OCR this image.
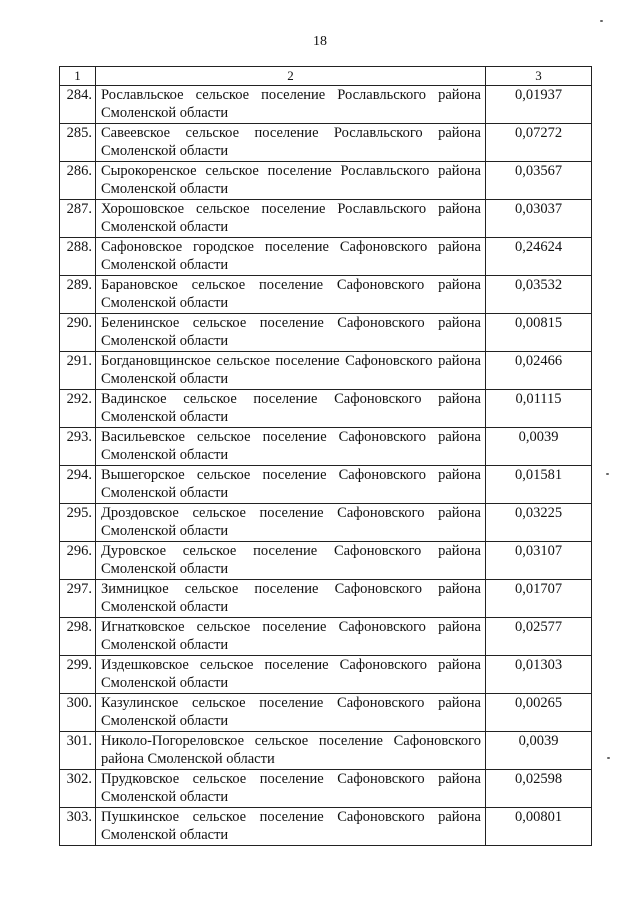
18
1	2	3
284.	Рославльское сельское поселение Рославльского района Смоленской области	0,01937
285.	Савеевское сельское поселение Рославльского района Смоленской области	0,07272
286.	Сырокоренское сельское поселение Рославльского района Смоленской области	0,03567
287.	Хорошовское сельское поселение Рославльского района Смоленской области	0,03037
288.	Сафоновское городское поселение Сафоновского района Смоленской области	0,24624
289.	Барановское сельское поселение Сафоновского района Смоленской области	0,03532
290.	Беленинское сельское поселение Сафоновского района Смоленской области	0,00815
291.	Богдановщинское сельское поселение Сафоновского района Смоленской области	0,02466
292.	Вадинское сельское поселение Сафоновского района Смоленской области	0,01115
293.	Васильевское сельское поселение Сафоновского района Смоленской области	0,0039
294.	Вышегорское сельское поселение Сафоновского района Смоленской области	0,01581
295.	Дроздовское сельское поселение Сафоновского района Смоленской области	0,03225
296.	Дуровское сельское поселение Сафоновского района Смоленской области	0,03107
297.	Зимницкое сельское поселение Сафоновского района Смоленской области	0,01707
298.	Игнатковское сельское поселение Сафоновского района Смоленской области	0,02577
299.	Издешковское сельское поселение Сафоновского района Смоленской области	0,01303
300.	Казулинское сельское поселение Сафоновского района Смоленской области	0,00265
301.	Николо-Погореловское сельское поселение Сафоновского района Смоленской области	0,0039
302.	Прудковское сельское поселение Сафоновского района Смоленской области	0,02598
303.	Пушкинское сельское поселение Сафоновского района Смоленской области	0,00801
